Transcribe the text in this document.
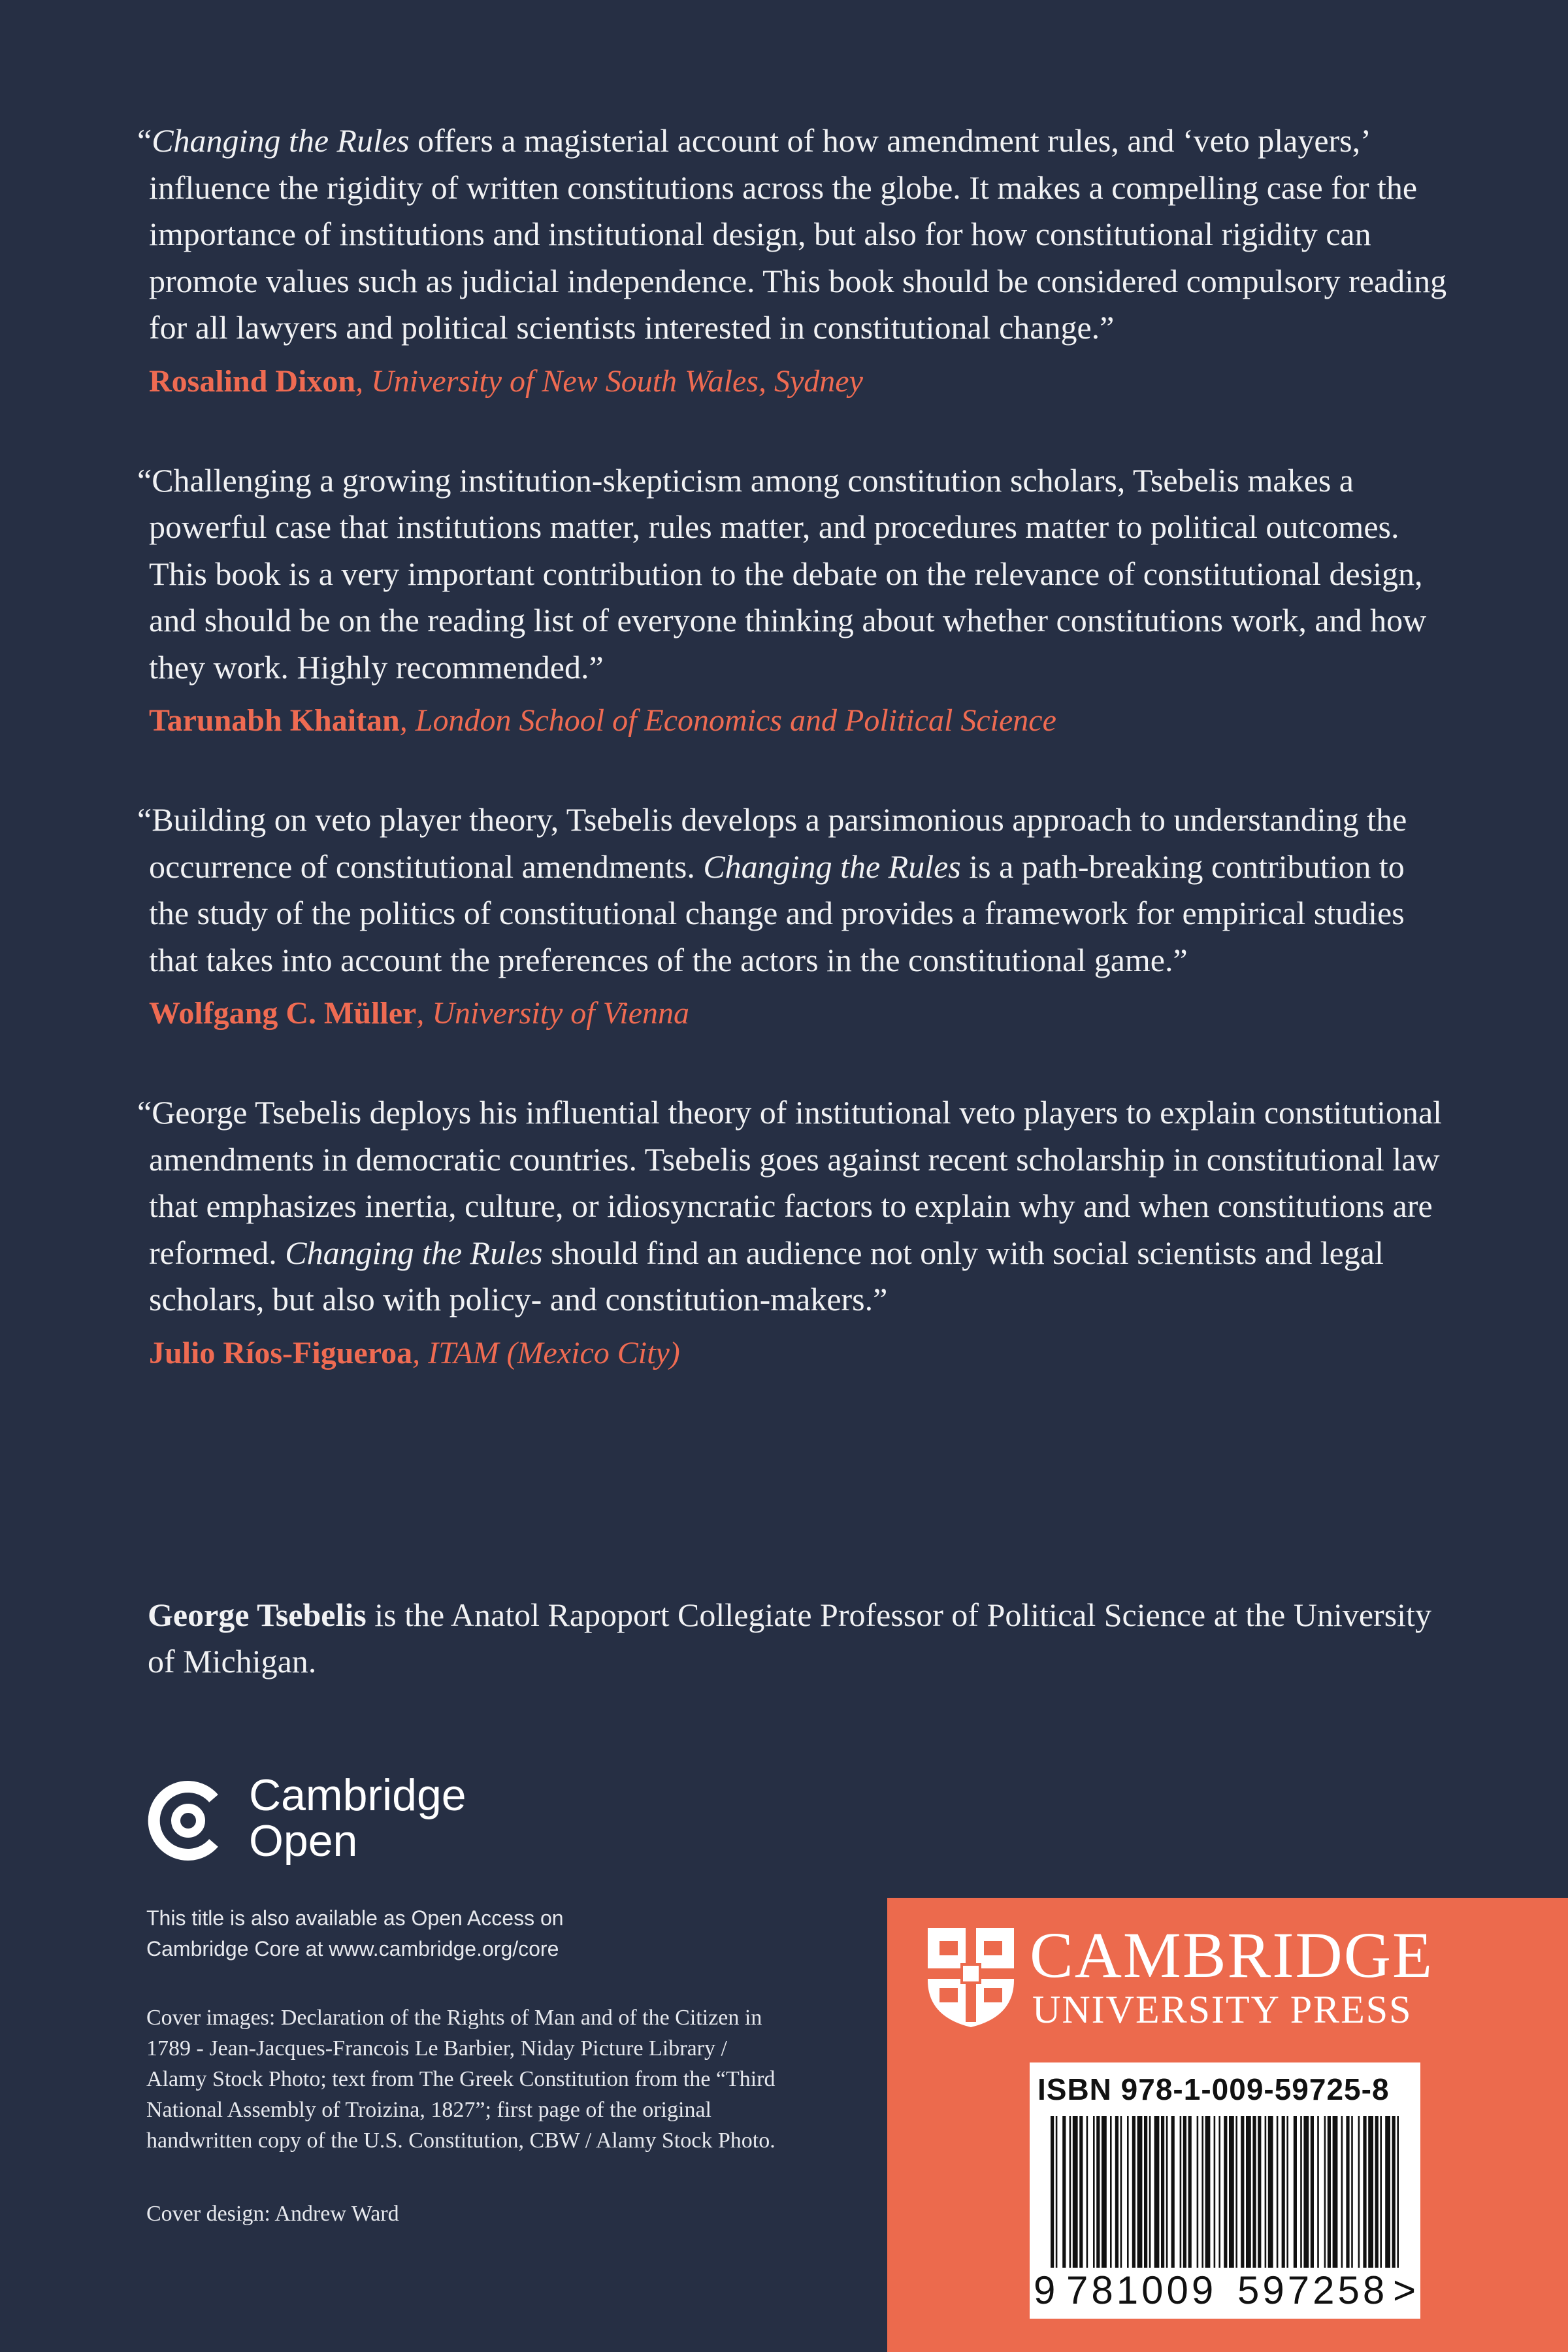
“Changing the Rules offers a magisterial account of how amendment rules, and ‘veto players,’ influence the rigidity of written constitutions across the globe. It makes a compelling case for the importance of institutions and institutional design, but also for how constitutional rigidity can promote values such as judicial independence. This book should be considered compulsory reading for all lawyers and political scientists interested in constitutional change.”

Rosalind Dixon, University of New South Wales, Sydney

“Challenging a growing institution-skepticism among constitution scholars, Tsebelis makes a powerful case that institutions matter, rules matter, and procedures matter to political outcomes. This book is a very important contribution to the debate on the relevance of constitutional design, and should be on the reading list of everyone thinking about whether constitutions work, and how they work. Highly recommended.”

Tarunabh Khaitan, London School of Economics and Political Science

“Building on veto player theory, Tsebelis develops a parsimonious approach to understanding the occurrence of constitutional amendments. Changing the Rules is a path-breaking contribution to the study of the politics of constitutional change and provides a framework for empirical studies that takes into account the preferences of the actors in the constitutional game.”

Wolfgang C. Müller, University of Vienna

“George Tsebelis deploys his influential theory of institutional veto players to explain constitutional amendments in democratic countries. Tsebelis goes against recent scholarship in constitutional law that emphasizes inertia, culture, or idiosyncratic factors to explain why and when constitutions are reformed. Changing the Rules should find an audience not only with social scientists and legal scholars, but also with policy- and constitution-makers.”

Julio Ríos-Figueroa, ITAM (Mexico City)

George Tsebelis is the Anatol Rapoport Collegiate Professor of Political Science at the University of Michigan.

Cambridge
Open

This title is also available as Open Access on Cambridge Core at www.cambridge.org/core

Cover images: Declaration of the Rights of Man and of the Citizen in 1789 - Jean-Jacques-Francois Le Barbier, Niday Picture Library / Alamy Stock Photo; text from The Greek Constitution from the “Third National Assembly of Troizina, 1827”; first page of the original handwritten copy of the U.S. Constitution, CBW / Alamy Stock Photo.

Cover design: Andrew Ward

CAMBRIDGE
UNIVERSITY PRESS
ISBN 978-1-009-59725-8
9 781009 597258 >
